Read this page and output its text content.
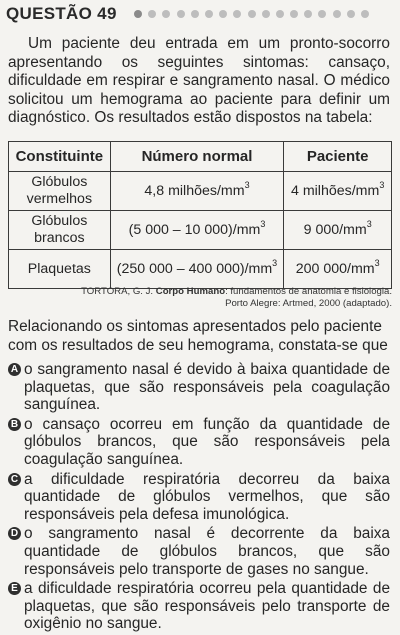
QUESTÃO 49
Um paciente deu entrada em um pronto-socorro apresentando os seguintes sintomas: cansaço, dificuldade em respirar e sangramento nasal. O médico solicitou um hemograma ao paciente para definir um diagnóstico. Os resultados estão dispostos na tabela:
Constituinte	Número normal	Paciente
Glóbulos vermelhos	4,8 milhões/$mm^3$	4 milhões/$mm^3$
Glóbulos brancos	(5 000 – 10 $000)/mm^3$	9 $000/mm^3$
Plaquetas	(250 000 – 400 $000)/mm^3$	200 $000/mm^3$
TORTORA, G. J. Corpo Humano: fundamentos de anatomia e fisiologia.
Porto Alegre: Artmed, 2000 (adaptado).
Relacionando os sintomas apresentados pelo paciente com os resultados de seu hemograma, constata-se que
A o sangramento nasal é devido à baixa quantidade de plaquetas, que são responsáveis pela coagulação sanguínea.
B o cansaço ocorreu em função da quantidade de glóbulos brancos, que são responsáveis pela coagulação sanguínea.
C a dificuldade respiratória decorreu da baixa quantidade de glóbulos vermelhos, que são responsáveis pela defesa imunológica.
D o sangramento nasal é decorrente da baixa quantidade de glóbulos brancos, que são responsáveis pelo transporte de gases no sangue.
E a dificuldade respiratória ocorreu pela quantidade de plaquetas, que são responsáveis pelo transporte de oxigênio no sangue.
